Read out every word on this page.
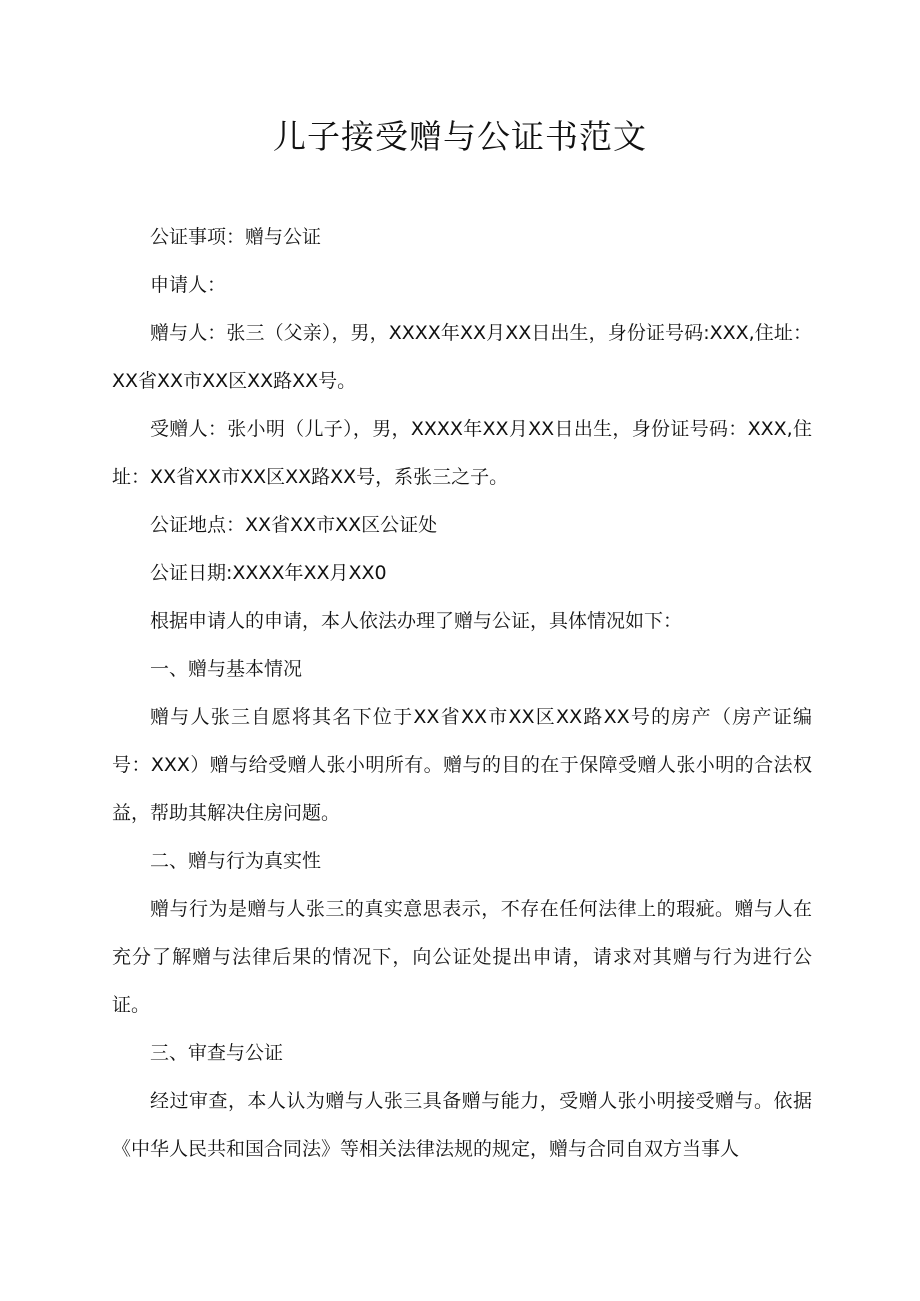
儿子接受赠与公证书范文

公证事项：赠与公证

申请人：

赠与人：张三（父亲），男，XXXX年XX月XX日出生，身份证号码:XXX,住址：XX省XX市XX区XX路XX号。

受赠人：张小明（儿子），男，XXXX年XX月XX日出生，身份证号码：XXX,住址：XX省XX市XX区XX路XX号，系张三之子。

公证地点：XX省XX市XX区公证处

公证日期:XXXX年XX月XX0

根据申请人的申请，本人依法办理了赠与公证，具体情况如下：

一、赠与基本情况

赠与人张三自愿将其名下位于XX省XX市XX区XX路XX号的房产（房产证编号：XXX）赠与给受赠人张小明所有。赠与的目的在于保障受赠人张小明的合法权益，帮助其解决住房问题。

二、赠与行为真实性

赠与行为是赠与人张三的真实意思表示，不存在任何法律上的瑕疵。赠与人在充分了解赠与法律后果的情况下，向公证处提出申请，请求对其赠与行为进行公证。

三、审查与公证

经过审查，本人认为赠与人张三具备赠与能力，受赠人张小明接受赠与。依据《中华人民共和国合同法》等相关法律法规的规定，赠与合同自双方当事人
